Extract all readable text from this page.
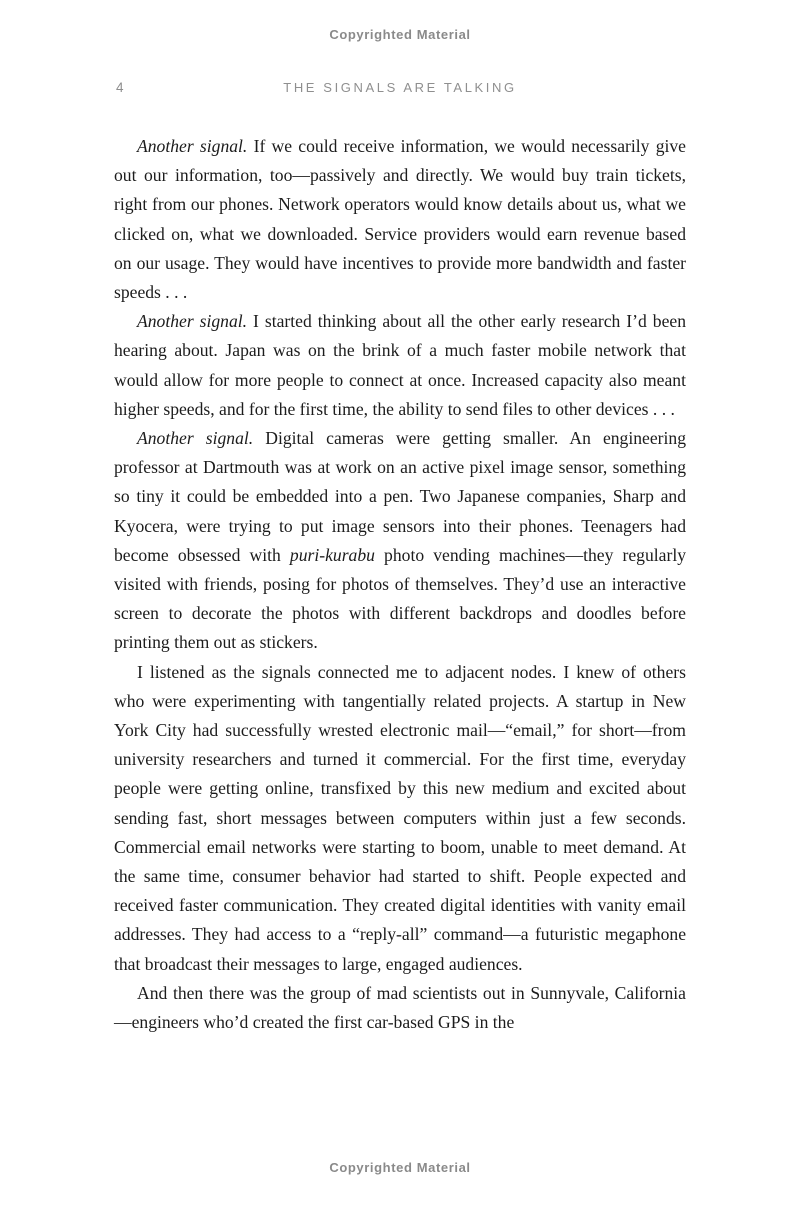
Copyrighted Material
4	THE SIGNALS ARE TALKING

Another signal. If we could receive information, we would necessarily give out our information, too—passively and directly. We would buy train tickets, right from our phones. Network operators would know details about us, what we clicked on, what we downloaded. Service providers would earn revenue based on our usage. They would have incentives to provide more bandwidth and faster speeds . . .

Another signal. I started thinking about all the other early research I’d been hearing about. Japan was on the brink of a much faster mobile network that would allow for more people to connect at once. Increased capacity also meant higher speeds, and for the first time, the ability to send files to other devices . . .

Another signal. Digital cameras were getting smaller. An engineering professor at Dartmouth was at work on an active pixel image sensor, something so tiny it could be embedded into a pen. Two Japanese companies, Sharp and Kyocera, were trying to put image sensors into their phones. Teenagers had become obsessed with puri-kurabu photo vending machines—they regularly visited with friends, posing for photos of themselves. They’d use an interactive screen to decorate the photos with different backdrops and doodles before printing them out as stickers.

I listened as the signals connected me to adjacent nodes. I knew of others who were experimenting with tangentially related projects. A startup in New York City had successfully wrested electronic mail—“email,” for short—from university researchers and turned it commercial. For the first time, everyday people were getting online, transfixed by this new medium and excited about sending fast, short messages between computers within just a few seconds. Commercial email networks were starting to boom, unable to meet demand. At the same time, consumer behavior had started to shift. People expected and received faster communication. They created digital identities with vanity email addresses. They had access to a “reply-all” command—a futuristic megaphone that broadcast their messages to large, engaged audiences.

And then there was the group of mad scientists out in Sunnyvale, California—engineers who’d created the first car-based GPS in the

Copyrighted Material
